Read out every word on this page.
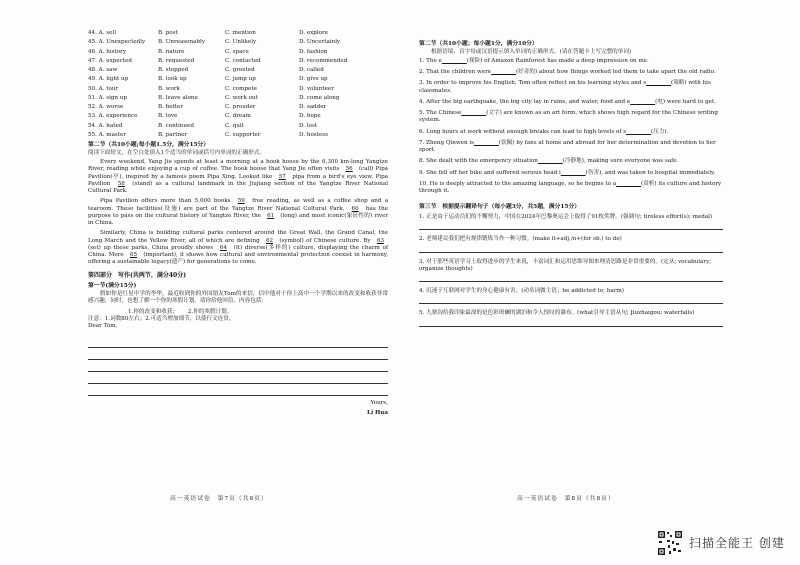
44. A. sell	B. post	C. mention	D. explore
45. A. Unexpectedly	B. Unreasonably	C. Unlikely	D. Uncertainly
46. A. history	B. nature	C. space	D. fashion
47. A. expected	B. requested	C. contacted	D. recommended
48. A. saw	B. stopped	C. greeted	D. called
49. A. light up	B. look up	C. jump up	D. give up
50. A. tour	B. work	C. compete	D. volunteer
51. A. sign up	B. leave alone	C. work out	D. come along
52. A. worse	B. better	C. prouder	D. sadder
53. A. experience	B. love	C. dream	D. hope
54. A. hated	B. continued	C. quit	D. lost
55. A. master	B. partner	C. supporter	D. hostess
第二节（共10小题;每小题1.5分，满分15分）
阅读下面短文，在空白处填入1个适当的单词或括号内单词的正确形式。

Every weekend, Yang Jie spends at least a morning at a book house by the 6,300 km-long Yangtze River, reading while enjoying a cup of coffee. The book house that Yang Jie often visits 56 (call) Pipa Pavilion(亭), inspired by a famous poem Pipa Xing. Looked like 57 pipa from a bird's eye view, Pipa Pavilion 58 (stand) as a cultural landmark in the Jiujiang section of the Yangtze River National Cultural Park.

Pipa Pavilion offers more than 5,000 books 59 free reading, as well as a coffee shop and a tearoom. These facilities(设施) are part of the Yangtze River National Cultural Park, 60 has the purpose to pass on the cultural history of Yangtze River, the 61 (long) and most iconic(象征性的) river in China.

Similarly, China is building cultural parks centered around the Great Wall, the Grand Canal, the Long March and the Yellow River, all of which are defining 62 (symbol) of Chinese culture. By 63 (set) up these parks, China proudly shows 64 (it) diverse(多样的) culture, displaying the charm of China. More 65 (important), it shows how cultural and environmental protection coexist in harmony, offering a sustainable legacy(遗产) for generations to come.

第四部分　写作(共两节，满分40分)
第一节(满分15分)

假如你是红星中学的李华，最近收到你的外国朋友Tom的来信，信中他对于你上高中一个学期以来的改变和收获非常感兴趣，同时，也想了解一个你的寒假计划。请你给他回信，内容包括：

1.你的改变和收获； 2.你的寒假计划。
注意：1.词数80左右；2.可适当增加细节，以使行文连贯。
Dear Tom,
Yours,
Li Hua
高一英语试卷　第7页（共8页）
第二节（共10小题；每小题1分，满分10分）
根据语境、首字母或汉语提示填入单词的正确形式。(请在答题卡上写完整的单词)
1. The e	(探险) of Amazon Rainforest has made a deep impression on me.
2. That the children were	(好奇的) about how things worked led them to take apart the old radio.
3. In order to improve his English, Tom often reflect on his learning styles and s	(策略) with his classmates.
4. After the big earthquake, the big city lay in ruins, and water, food and e	(电) were hard to get.
5. The Chinese	(文字) are known as an art form, which shows high regard for the Chinese writing system.
6. Long hours at work without enough breaks can lead to high levels of s	(压力).
7. Zheng Qinwen is	(钦佩) by fans at home and abroad for her determination and devotion to her sport.
8. She dealt with the emergency situation	(冷静地), making sure everyone was safe.
9. She fell off her bike and suffered serious head i	(伤害), and was taken to hospital immediately.
10. He is deeply attracted to the amazing language, so he begins to a	(赏析) its culture and history through it.
第三节　根据提示翻译句子（每小题3分，共5题，满分15分）
1. 正是由于运动员们的不懈努力，中国在2024年巴黎奥运会上取得了91枚奖牌。(强调句; tireless effort(s); medal)
2. 老师建议我们把有规律锻炼当作一种习惯。(make it+adj./n+(for sb.) to do)
3. 对于那些英语学习上取得进步的学生来说，丰富词汇和运用思维导图来理清思路是非常重要的。(定从; vocabulary; organize thoughts)
4. 沉迷于互联网对学生的身心健康有害。(动名词做主语；be addicted to; harm)
5. 九寨沟给我印象最深的是色彩斑斓的湖泊和令人惊叹的瀑布。(what引导主语从句; Jiuzhaigou; waterfalls)
高一英语试卷　第8页（共8页）
扫描全能王 创建
